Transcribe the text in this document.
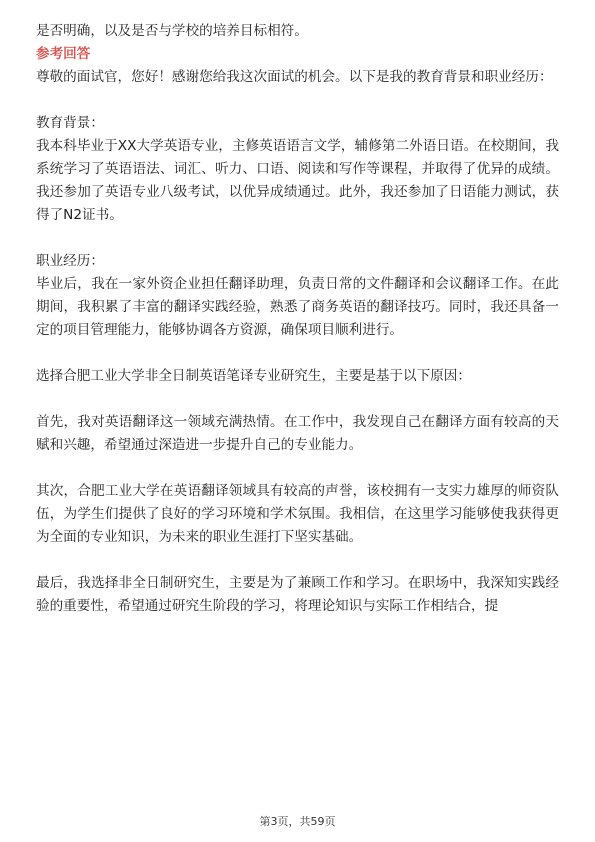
是否明确，以及是否与学校的培养目标相符。

参考回答

尊敬的面试官，您好！感谢您给我这次面试的机会。以下是我的教育背景和职业经历：

教育背景：

我本科毕业于XX大学英语专业，主修英语语言文学，辅修第二外语日语。在校期间，我系统学习了英语语法、词汇、听力、口语、阅读和写作等课程，并取得了优异的成绩。我还参加了英语专业八级考试，以优异成绩通过。此外，我还参加了日语能力测试，获得了N2证书。

职业经历：

毕业后，我在一家外资企业担任翻译助理，负责日常的文件翻译和会议翻译工作。在此期间，我积累了丰富的翻译实践经验，熟悉了商务英语的翻译技巧。同时，我还具备一定的项目管理能力，能够协调各方资源，确保项目顺利进行。

选择合肥工业大学非全日制英语笔译专业研究生，主要是基于以下原因：

首先，我对英语翻译这一领域充满热情。在工作中，我发现自己在翻译方面有较高的天赋和兴趣，希望通过深造进一步提升自己的专业能力。

其次，合肥工业大学在英语翻译领域具有较高的声誉，该校拥有一支实力雄厚的师资队伍，为学生们提供了良好的学习环境和学术氛围。我相信，在这里学习能够使我获得更为全面的专业知识，为未来的职业生涯打下坚实基础。

最后，我选择非全日制研究生，主要是为了兼顾工作和学习。在职场中，我深知实践经验的重要性，希望通过研究生阶段的学习，将理论知识与实际工作相结合，提

第3页，共59页
